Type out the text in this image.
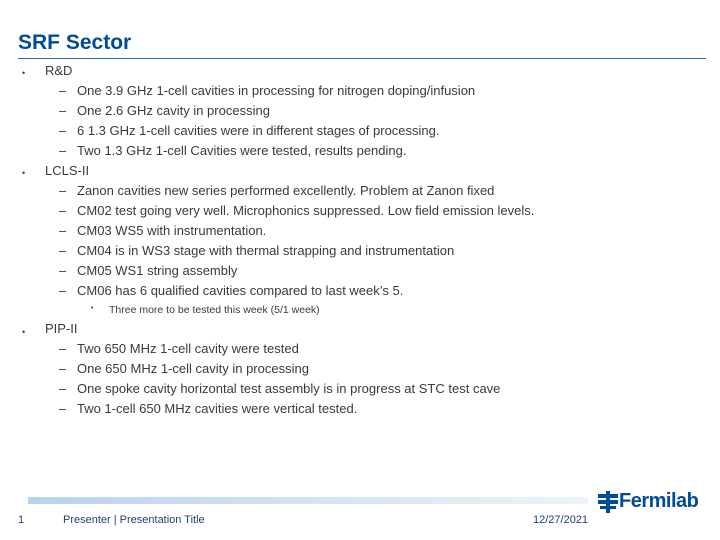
SRF Sector
• R&D
– One 3.9 GHz 1-cell cavities in processing for nitrogen doping/infusion
– One 2.6 GHz cavity in processing
– 6 1.3 GHz 1-cell cavities were in different stages of processing.
– Two 1.3 GHz 1-cell Cavities were tested, results pending.
• LCLS-II
– Zanon cavities new series performed excellently. Problem at Zanon fixed
– CM02 test going very well. Microphonics suppressed. Low field emission levels.
– CM03 WS5 with instrumentation.
– CM04 is in WS3 stage with thermal strapping and instrumentation
– CM05 WS1 string assembly
– CM06 has 6 qualified cavities compared to last week’s 5.
• Three more to be tested this week (5/1 week)
• PIP-II
– Two 650 MHz 1-cell cavity were tested
– One 650 MHz 1-cell cavity in processing
– One spoke cavity horizontal test assembly is in progress at STC test cave
– Two 1-cell 650 MHz cavities were vertical tested.
1	Presenter | Presentation Title	12/27/2021
Fermilab
